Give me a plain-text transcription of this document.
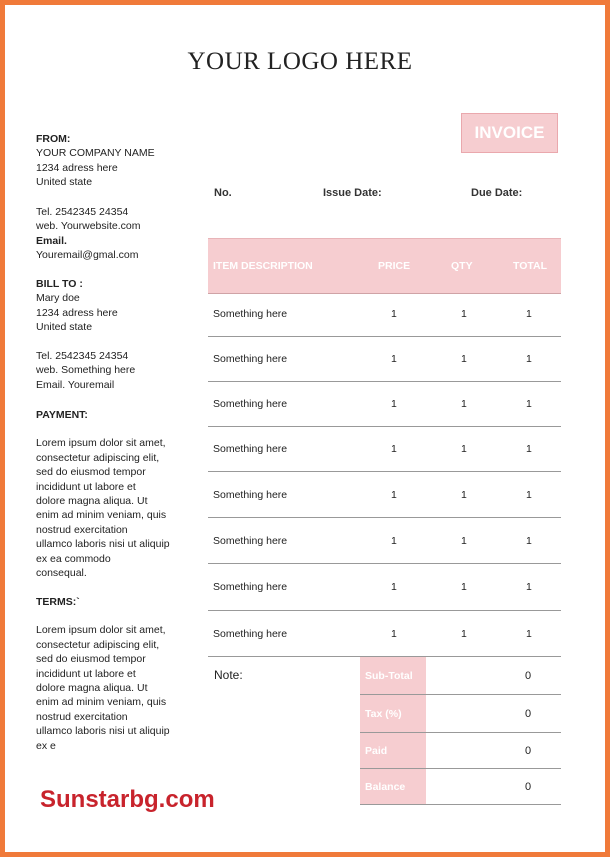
YOUR LOGO HERE
INVOICE
FROM:
YOUR COMPANY NAME
1234 adress here
United state
Tel. 2542345 24354
web. Yourwebsite.com
Email.
Youremail@gmal.com
BILL TO :
Mary doe
1234 adress here
United state
Tel. 2542345 24354
web. Something here
Email. Youremail
PAYMENT:
Lorem ipsum dolor sit amet,
consectetur adipiscing elit,
sed do eiusmod tempor
incididunt ut labore et
dolore magna aliqua. Ut
enim ad minim veniam, quis
nostrud exercitation
ullamco laboris nisi ut aliquip
ex ea commodo
consequal.
TERMS:`
Lorem ipsum dolor sit amet,
consectetur adipiscing elit,
sed do eiusmod tempor
incididunt ut labore et
dolore magna aliqua. Ut
enim ad minim veniam, quis
nostrud exercitation
ullamco laboris nisi ut aliquip
ex e
No.	Issue Date:	Due Date:
ITEM DESCRIPTION	PRICE	QTY	TOTAL
Something here	1	1	1
Something here	1	1	1
Something here	1	1	1
Something here	1	1	1
Something here	1	1	1
Something here	1	1	1
Something here	1	1	1
Something here	1	1	1
Note:	Sub-Total	0
Tax (%)	0
Paid	0
Balance	0
Sunstarbg.com
